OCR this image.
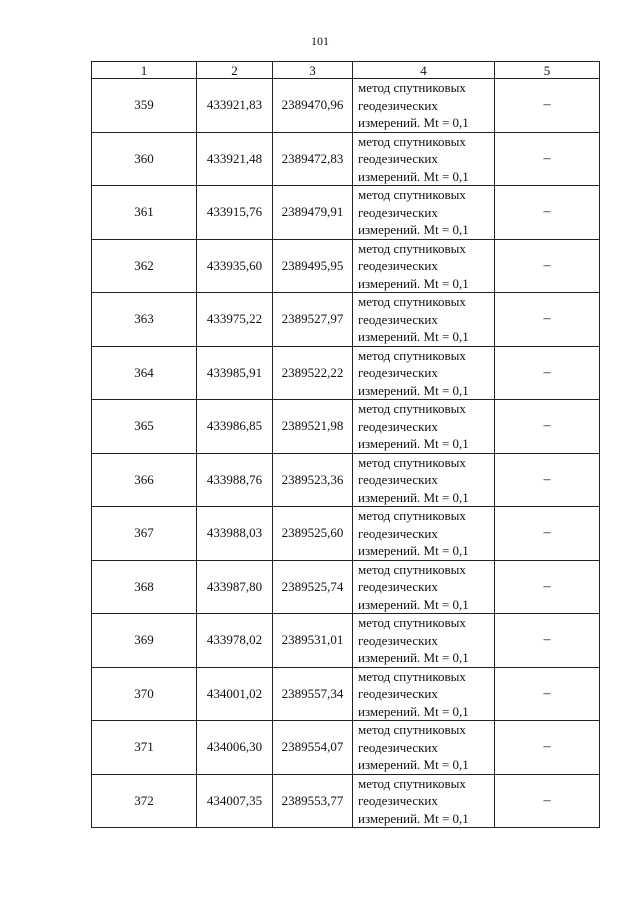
101
1	2	3	4	5
359	433921,83	2389470,96	метод спутниковых
геодезических
измерений. Mt = 0,1	–
360	433921,48	2389472,83	метод спутниковых
геодезических
измерений. Mt = 0,1	–
361	433915,76	2389479,91	метод спутниковых
геодезических
измерений. Mt = 0,1	–
362	433935,60	2389495,95	метод спутниковых
геодезических
измерений. Mt = 0,1	–
363	433975,22	2389527,97	метод спутниковых
геодезических
измерений. Mt = 0,1	–
364	433985,91	2389522,22	метод спутниковых
геодезических
измерений. Mt = 0,1	–
365	433986,85	2389521,98	метод спутниковых
геодезических
измерений. Mt = 0,1	–
366	433988,76	2389523,36	метод спутниковых
геодезических
измерений. Mt = 0,1	–
367	433988,03	2389525,60	метод спутниковых
геодезических
измерений. Mt = 0,1	–
368	433987,80	2389525,74	метод спутниковых
геодезических
измерений. Mt = 0,1	–
369	433978,02	2389531,01	метод спутниковых
геодезических
измерений. Mt = 0,1	–
370	434001,02	2389557,34	метод спутниковых
геодезических
измерений. Mt = 0,1	–
371	434006,30	2389554,07	метод спутниковых
геодезических
измерений. Mt = 0,1	–
372	434007,35	2389553,77	метод спутниковых
геодезических
измерений. Mt = 0,1	–
